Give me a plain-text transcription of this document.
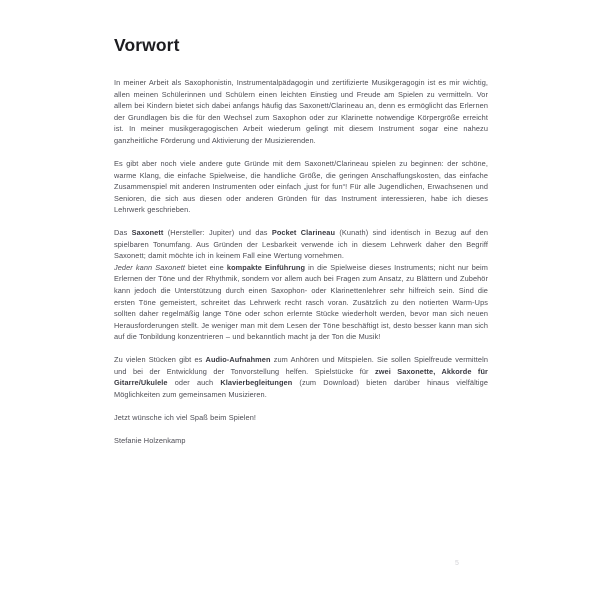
Vorwort

In meiner Arbeit als Saxophonistin, Instrumentalpädagogin und zertifizierte Musikgeragogin ist es mir wichtig, allen meinen Schülerinnen und Schülern einen leichten Einstieg und Freude am Spielen zu vermitteln. Vor allem bei Kindern bietet sich dabei anfangs häufig das Saxonett/Clarineau an, denn es ermöglicht das Erlernen der Grundlagen bis die für den Wechsel zum Saxophon oder zur Klarinette notwendige Körpergröße erreicht ist. In meiner musikgeragogischen Arbeit wiederum gelingt mit diesem Instrument sogar eine nahezu ganzheitliche Förderung und Aktivierung der Musizierenden.

Es gibt aber noch viele andere gute Gründe mit dem Saxonett/Clarineau spielen zu beginnen: der schöne, warme Klang, die einfache Spielweise, die handliche Größe, die geringen Anschaffungskosten, das einfache Zusammenspiel mit anderen Instrumenten oder einfach „just for fun“! Für alle Jugendlichen, Erwachsenen und Senioren, die sich aus diesen oder anderen Gründen für das Instrument interessieren, habe ich dieses Lehrwerk geschrieben.

Das Saxonett (Hersteller: Jupiter) und das Pocket Clarineau (Kunath) sind identisch in Bezug auf den spielbaren Tonumfang. Aus Gründen der Lesbarkeit verwende ich in diesem Lehrwerk daher den Begriff Saxonett; damit möchte ich in keinem Fall eine Wertung vornehmen.

Jeder kann Saxonett bietet eine kompakte Einführung in die Spielweise dieses Instruments; nicht nur beim Erlernen der Töne und der Rhythmik, sondern vor allem auch bei Fragen zum Ansatz, zu Blättern und Zubehör kann jedoch die Unterstützung durch einen Saxophon- oder Klarinettenlehrer sehr hilfreich sein. Sind die ersten Töne gemeistert, schreitet das Lehrwerk recht rasch voran. Zusätzlich zu den notierten Warm-Ups sollten daher regelmäßig lange Töne oder schon erlernte Stücke wiederholt werden, bevor man sich neuen Herausforderungen stellt. Je weniger man mit dem Lesen der Töne beschäftigt ist, desto besser kann man sich auf die Tonbildung konzentrieren – und bekanntlich macht ja der Ton die Musik!

Zu vielen Stücken gibt es Audio-Aufnahmen zum Anhören und Mitspielen. Sie sollen Spielfreude vermitteln und bei der Entwicklung der Tonvorstellung helfen. Spielstücke für zwei Saxonette, Akkorde für Gitarre/Ukulele oder auch Klavierbegleitungen (zum Download) bieten darüber hinaus vielfältige Möglichkeiten zum gemeinsamen Musizieren.

Jetzt wünsche ich viel Spaß beim Spielen!

Stefanie Holzenkamp

5
